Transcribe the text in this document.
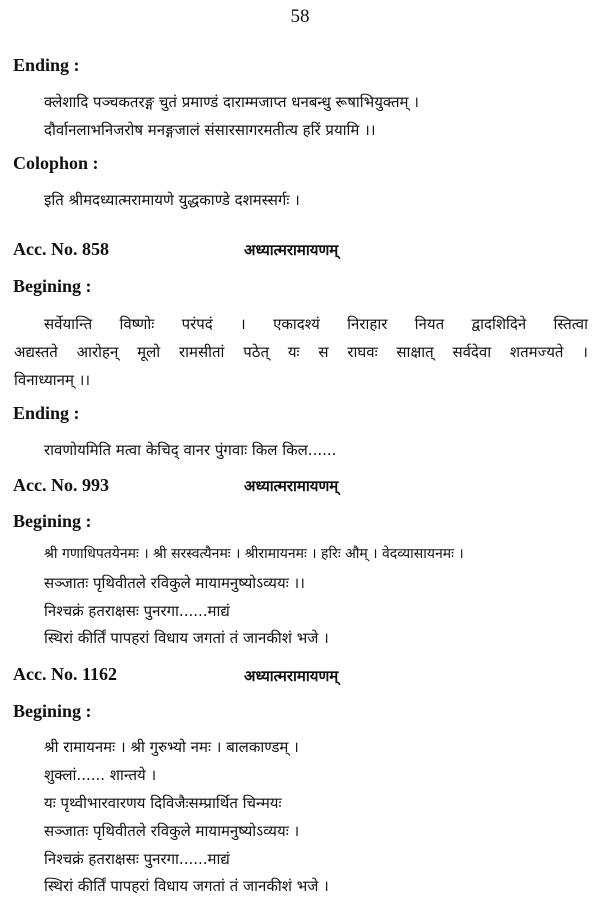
58
Ending :
क्लेशादि पञ्चकतरङ्ग चुतं प्रमाण्डं दाराम्मजाप्त धनबन्धु रूषाभियुक्तम् ।
दौर्वानलाभनिजरोष मनङ्गजालं संसारसागरमतीत्य हरिं प्रयामि ।।
Colophon :
इति श्रीमदध्यात्मरामायणे युद्धकाण्डे दशमस्सर्गः ।
Acc. No. 858	अध्यात्मरामायणम्
Begining :
सर्वेयान्ति विष्णोः परंपदं । एकादश्यं निराहार नियत द्वादशिदिने स्तित्वा
अद्यस्तते आरोहन् मूलो रामसीतां पठेत् यः स राघवः साक्षात् सर्वदेवा शतमज्यते ।
विनाध्यानम् ।।
Ending :
रावणोयमिति मत्वा केचिद् वानर पुंगवाः किल किल......
Acc. No. 993	अध्यात्मरामायणम्
Begining :
श्री गणाधिपतयेनमः । श्री सरस्वत्यैनमः । श्रीरामायनमः । हरिः औम् । वेदव्यासायनमः ।
सञ्जातः पृथिवीतले रविकुले मायामनुष्योऽव्ययः ।।
निश्चक्रं हतराक्षसः पुनरगा......माद्यं
स्थिरां कीर्तिं पापहरां विधाय जगतां तं जानकीशं भजे ।
Acc. No. 1162	अध्यात्मरामायणम्
Begining :
श्री रामायनमः । श्री गुरुभ्यो नमः । बालकाण्डम् ।
शुक्लां...... शान्तये ।
यः पृथ्वीभारवारणय दिविजैःसम्प्रार्थित चिन्मयः
सञ्जातः पृथिवीतले रविकुले मायामनुष्योऽव्ययः ।
निश्चक्रं हतराक्षसः पुनरगा......माद्यं
स्थिरां कीर्तिं पापहरां विधाय जगतां तं जानकीशं भजे ।
